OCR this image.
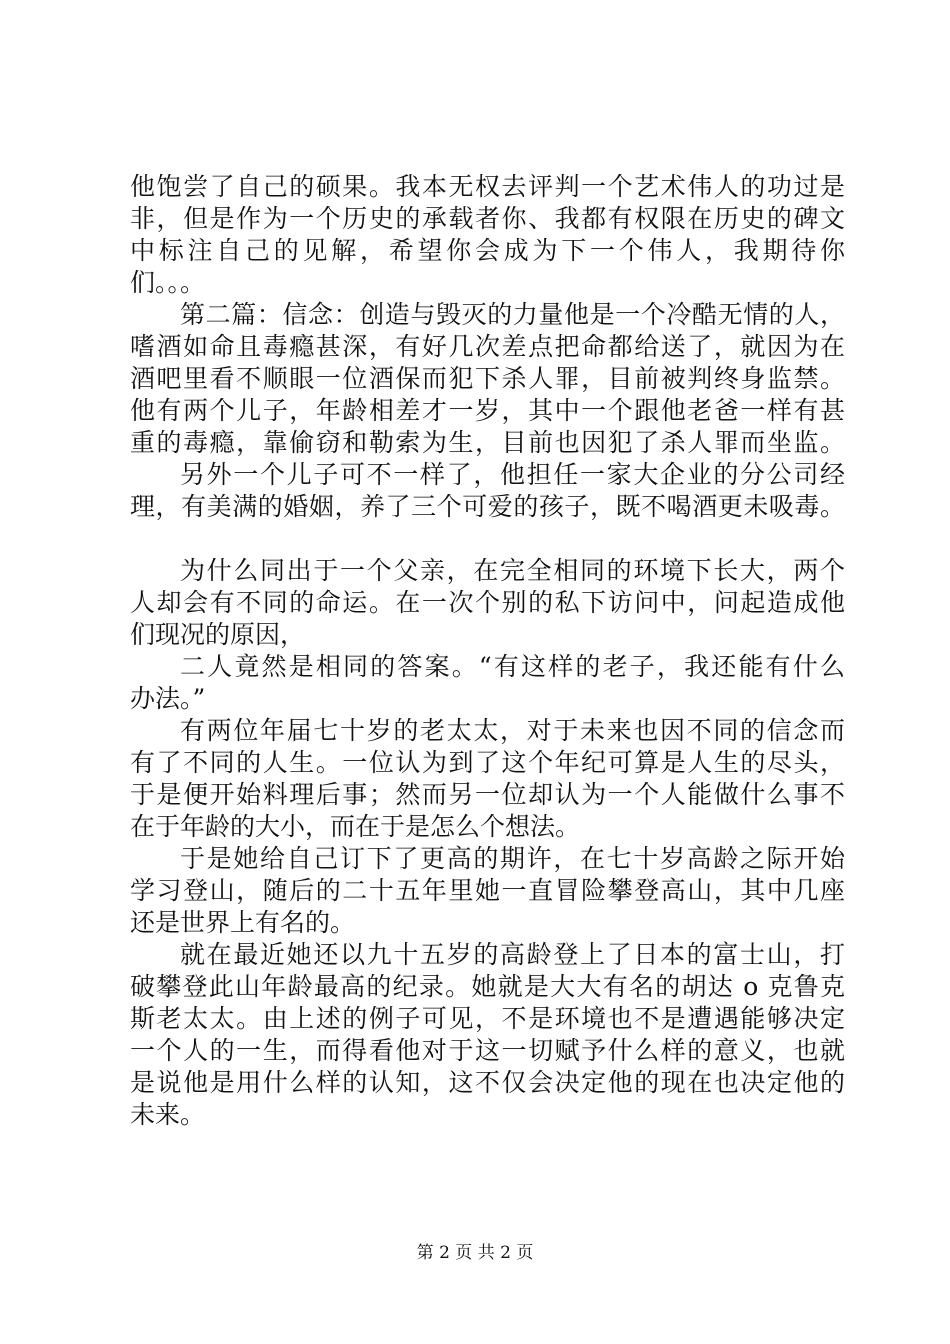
他饱尝了自己的硕果。我本无权去评判一个艺术伟人的功过是
非，但是作为一个历史的承载者你、我都有权限在历史的碑文
中标注自己的见解，希望你会成为下一个伟人，我期待你
们。。。
第二篇：信念：创造与毁灭的力量他是一个冷酷无情的人，
嗜酒如命且毒瘾甚深，有好几次差点把命都给送了，就因为在
酒吧里看不顺眼一位酒保而犯下杀人罪，目前被判终身监禁。
他有两个儿子，年龄相差才一岁，其中一个跟他老爸一样有甚
重的毒瘾，靠偷窃和勒索为生，目前也因犯了杀人罪而坐监。
另外一个儿子可不一样了，他担任一家大企业的分公司经
理，有美满的婚姻，养了三个可爱的孩子，既不喝酒更未吸毒。
为什么同出于一个父亲，在完全相同的环境下长大，两个
人却会有不同的命运。在一次个别的私下访问中，问起造成他
们现况的原因，
二人竟然是相同的答案。“有这样的老子，我还能有什么
办法。”
有两位年届七十岁的老太太，对于未来也因不同的信念而
有了不同的人生。一位认为到了这个年纪可算是人生的尽头，
于是便开始料理后事；然而另一位却认为一个人能做什么事不
在于年龄的大小，而在于是怎么个想法。
于是她给自己订下了更高的期许，在七十岁高龄之际开始
学习登山，随后的二十五年里她一直冒险攀登高山，其中几座
还是世界上有名的。
就在最近她还以九十五岁的高龄登上了日本的富士山，打
破攀登此山年龄最高的纪录。她就是大大有名的胡达 o 克鲁克
斯老太太。由上述的例子可见，不是环境也不是遭遇能够决定
一个人的一生，而得看他对于这一切赋予什么样的意义，也就
是说他是用什么样的认知，这不仅会决定他的现在也决定他的
未来。
第 2 页 共 2 页
